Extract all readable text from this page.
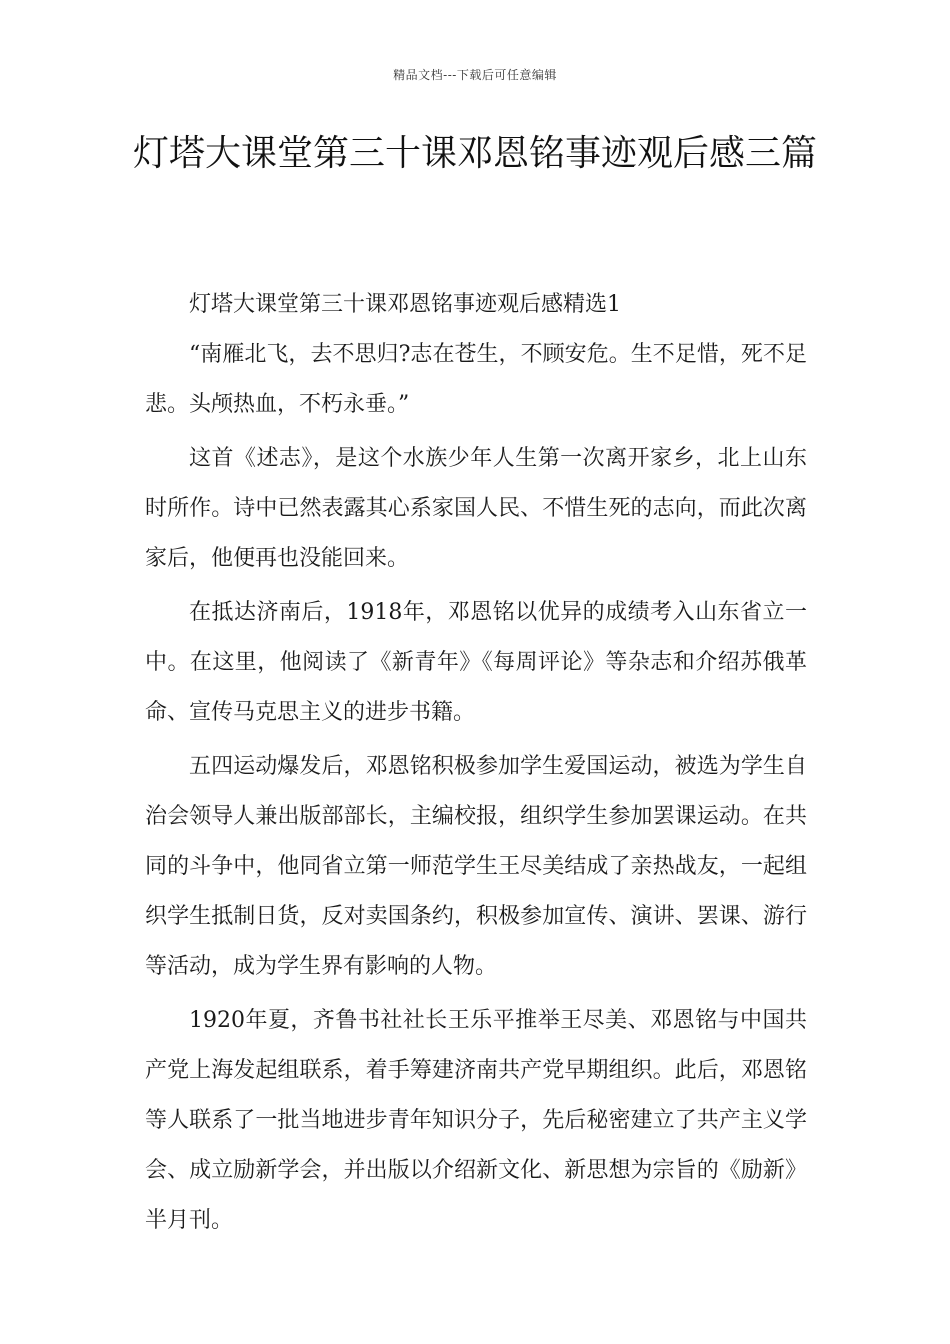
精品文档---下载后可任意编辑
灯塔大课堂第三十课邓恩铭事迹观后感三篇

灯塔大课堂第三十课邓恩铭事迹观后感精选1

“南雁北飞，去不思归?志在苍生，不顾安危。生不足惜，死不足悲。头颅热血，不朽永垂。”

这首《述志》，是这个水族少年人生第一次离开家乡，北上山东时所作。诗中已然表露其心系家国人民、不惜生死的志向，而此次离家后，他便再也没能回来。

在抵达济南后，1918年，邓恩铭以优异的成绩考入山东省立一中。在这里，他阅读了《新青年》《每周评论》等杂志和介绍苏俄革命、宣传马克思主义的进步书籍。

五四运动爆发后，邓恩铭积极参加学生爱国运动，被选为学生自治会领导人兼出版部部长，主编校报，组织学生参加罢课运动。在共同的斗争中，他同省立第一师范学生王尽美结成了亲热战友，一起组织学生抵制日货，反对卖国条约，积极参加宣传、演讲、罢课、游行等活动，成为学生界有影响的人物。

1920年夏，齐鲁书社社长王乐平推举王尽美、邓恩铭与中国共产党上海发起组联系，着手筹建济南共产党早期组织。此后，邓恩铭等人联系了一批当地进步青年知识分子，先后秘密建立了共产主义学会、成立励新学会，并出版以介绍新文化、新思想为宗旨的《励新》半月刊。
